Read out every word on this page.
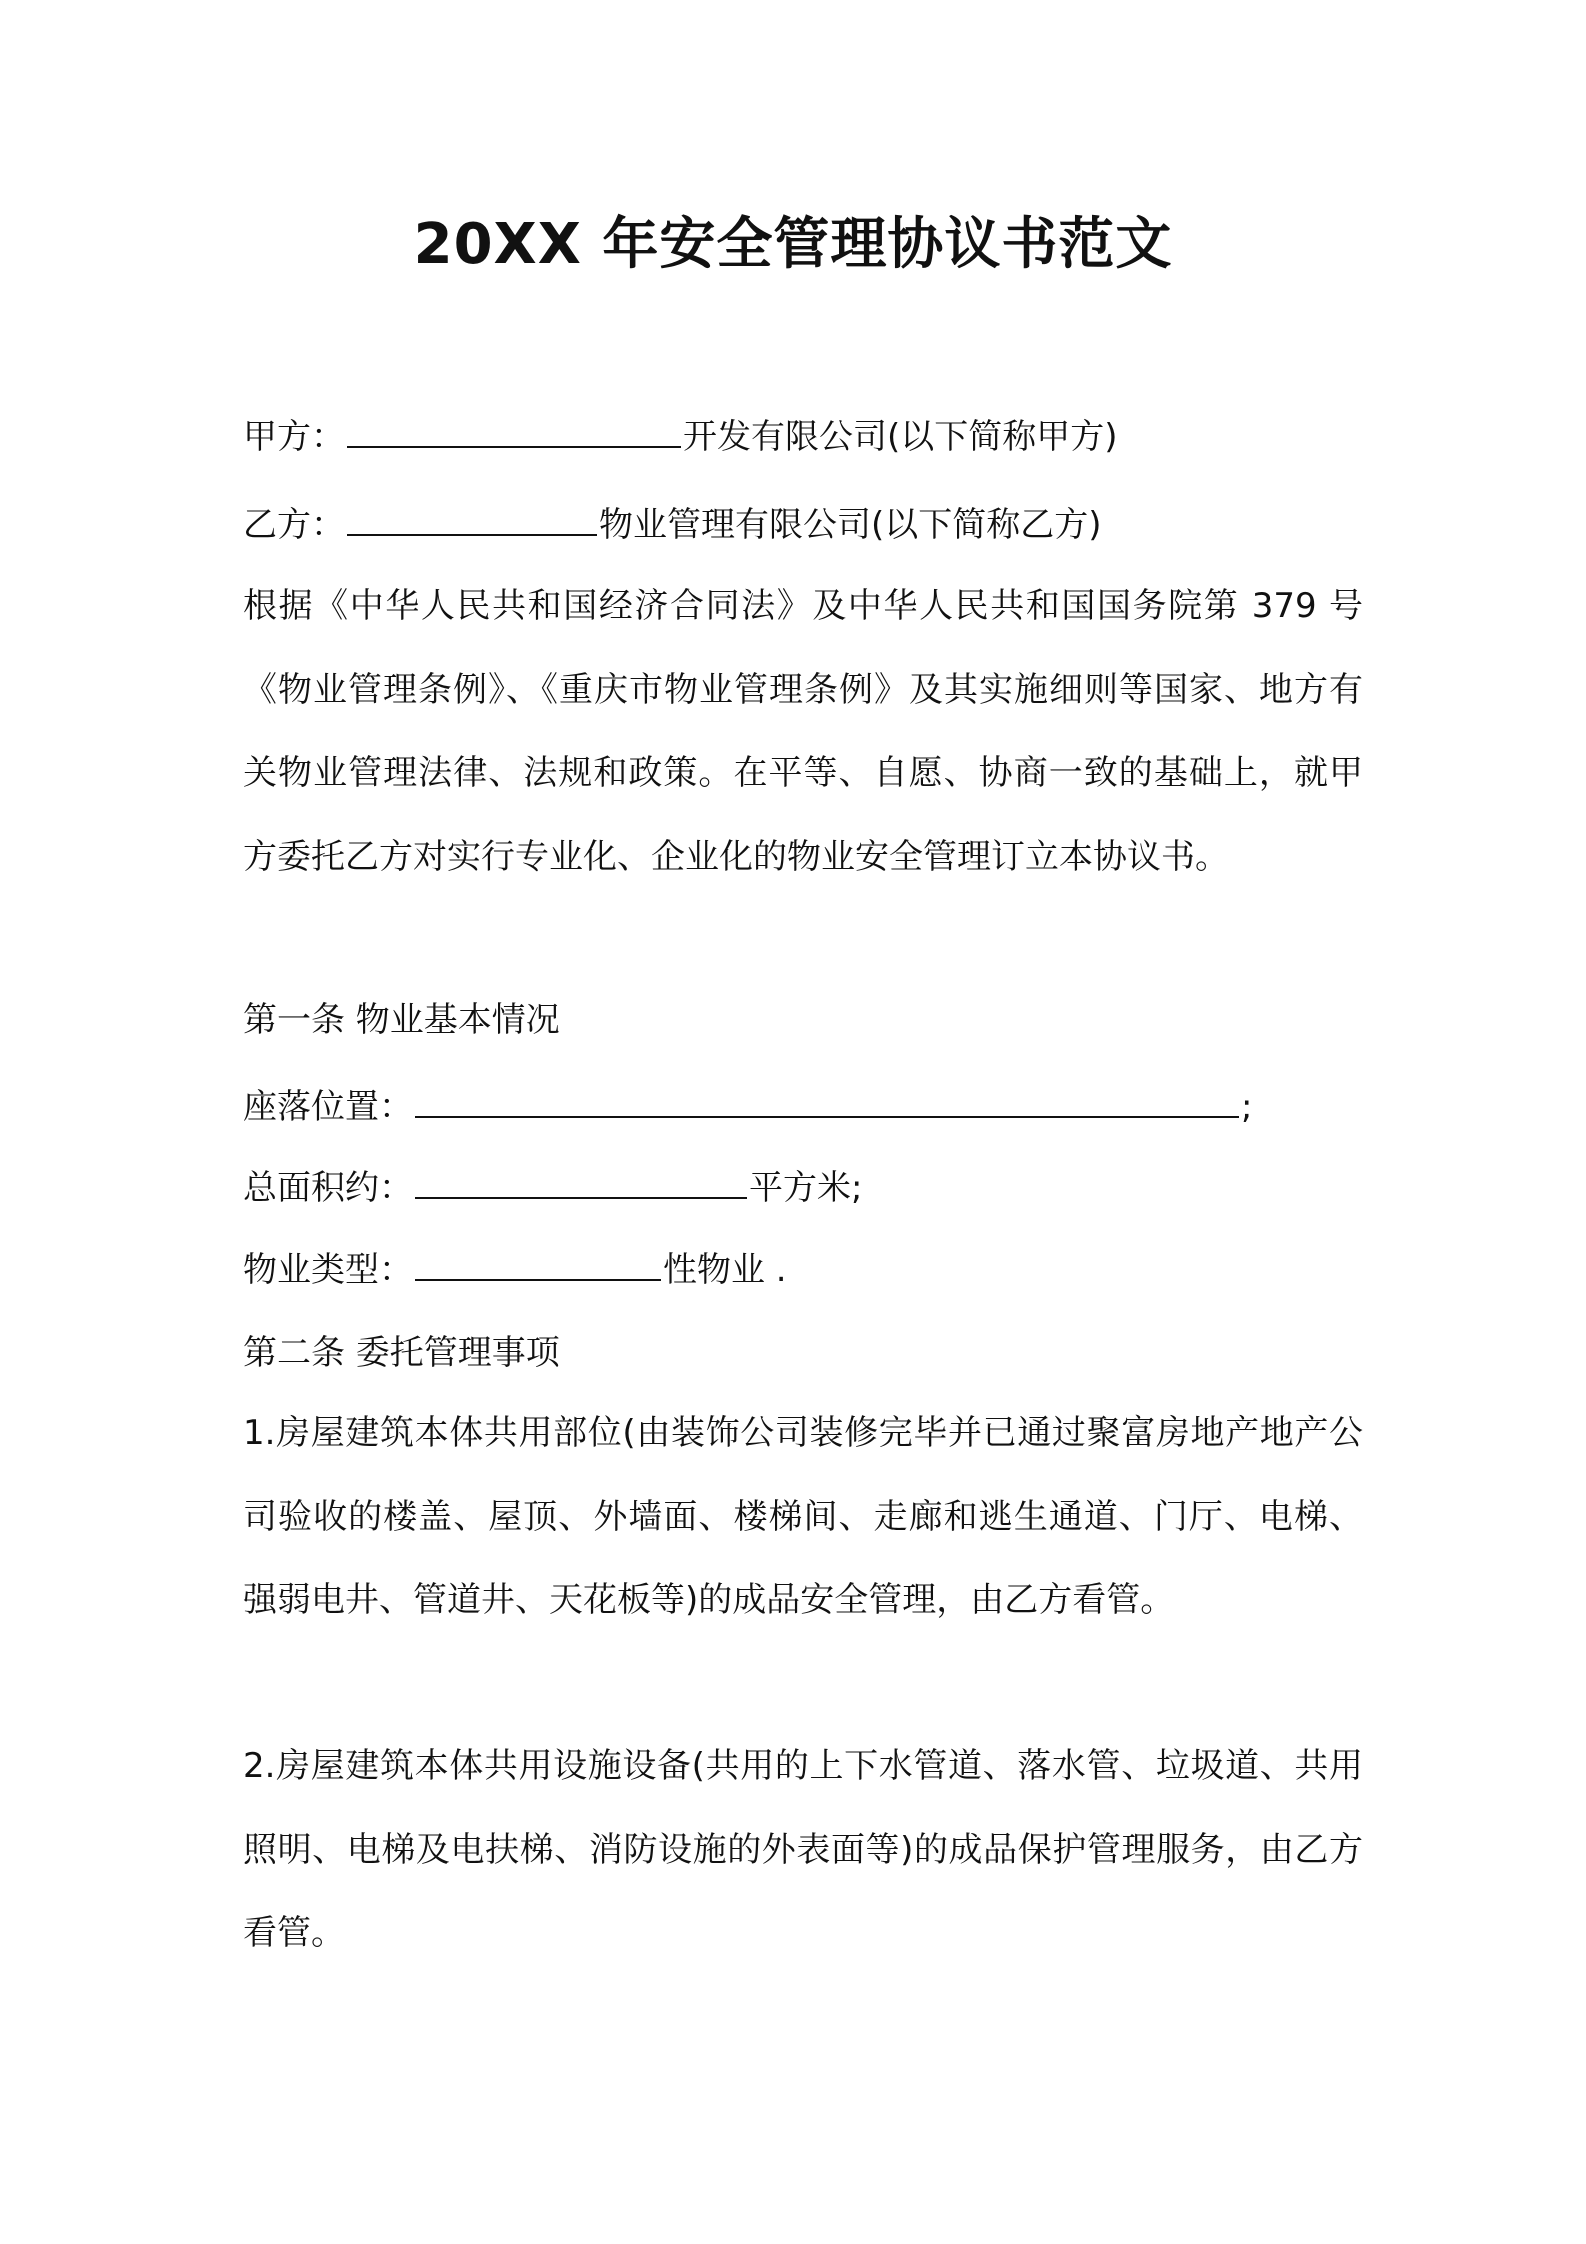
20XX 年安全管理协议书范文
甲方：	开发有限公司(以下简称甲方)
乙方：	物业管理有限公司(以下简称乙方)
根据《中华人民共和国经济合同法》及中华人民共和国国务院第 379 号《物业管理条例》、《重庆市物业管理条例》及其实施细则等国家、地方有关物业管理法律、法规和政策。在平等、自愿、协商一致的基础上，就甲方委托乙方对实行专业化、企业化的物业安全管理订立本协议书。
第一条 物业基本情况
座落位置：	;
总面积约：	平方米;
物业类型：	性物业 .
第二条 委托管理事项
1.房屋建筑本体共用部位(由装饰公司装修完毕并已通过聚富房地产地产公司验收的楼盖、屋顶、外墙面、楼梯间、走廊和逃生通道、门厅、电梯、强弱电井、管道井、天花板等)的成品安全管理，由乙方看管。
2.房屋建筑本体共用设施设备(共用的上下水管道、落水管、垃圾道、共用照明、电梯及电扶梯、消防设施的外表面等)的成品保护管理服务，由乙方看管。
